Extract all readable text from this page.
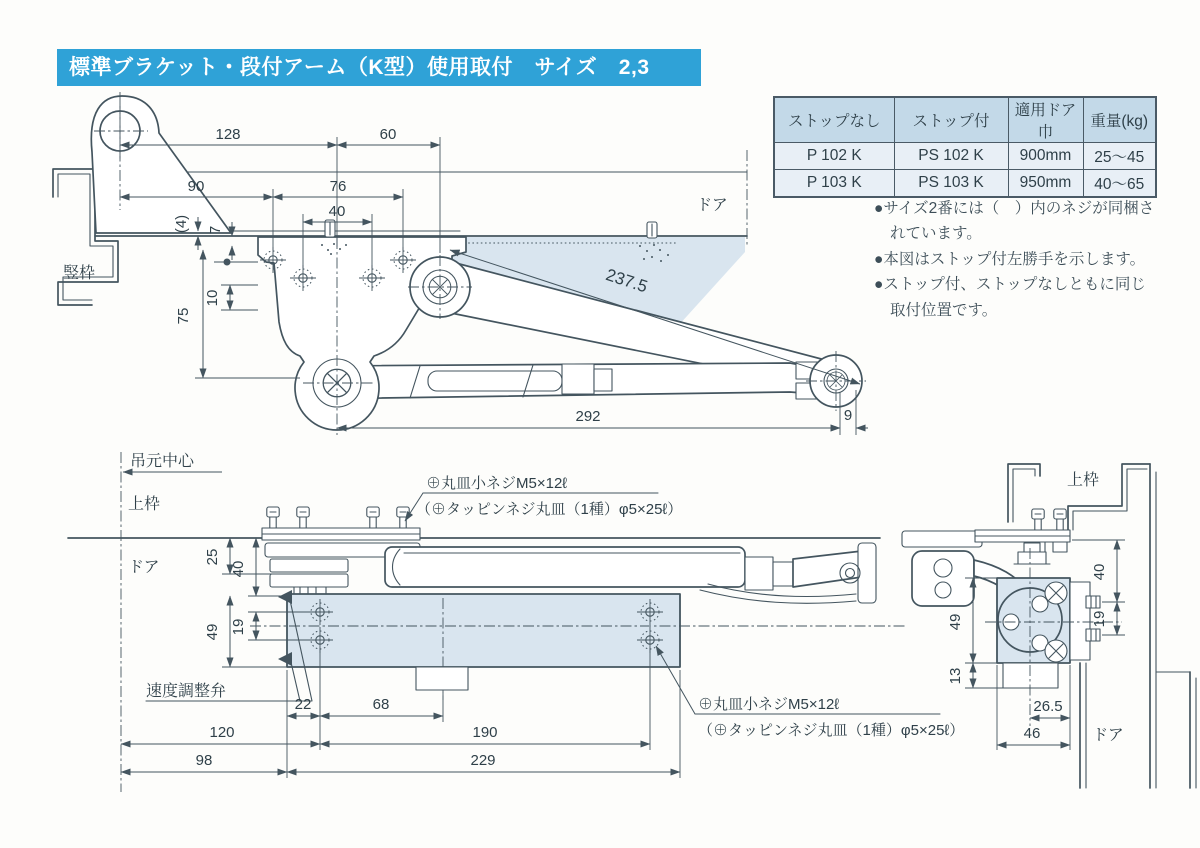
標準ブラケット・段付アーム（K型）使用取付　サイズ　2,3
ストップなし	ストップ付	適用ドア巾	重量(kg)
P 102 K	PS 102 K	900mm	25〜45
P 103 K	PS 103 K	950mm	40〜65
●サイズ2番には（　）内のネジが同梱さ
れています。
●本図はストップ付左勝手を示します。
●ストップ付、ストップなしともに同じ
取付位置です。
128	60
90	76
40
(4) 7
10
75
237.5
292	9
ドア
竪枠
吊元中心
上枠
ドア
速度調整弁
⊕丸皿小ネジM5×12ℓ
（⊕タッピンネジ丸皿（1種）φ5×25ℓ）
⊕丸皿小ネジM5×12ℓ
（⊕タッピンネジ丸皿（1種）φ5×25ℓ）
25
40
19
49
22	68
120	190
98	229
上枠
40
19
49
13
26.5
46	ドア
